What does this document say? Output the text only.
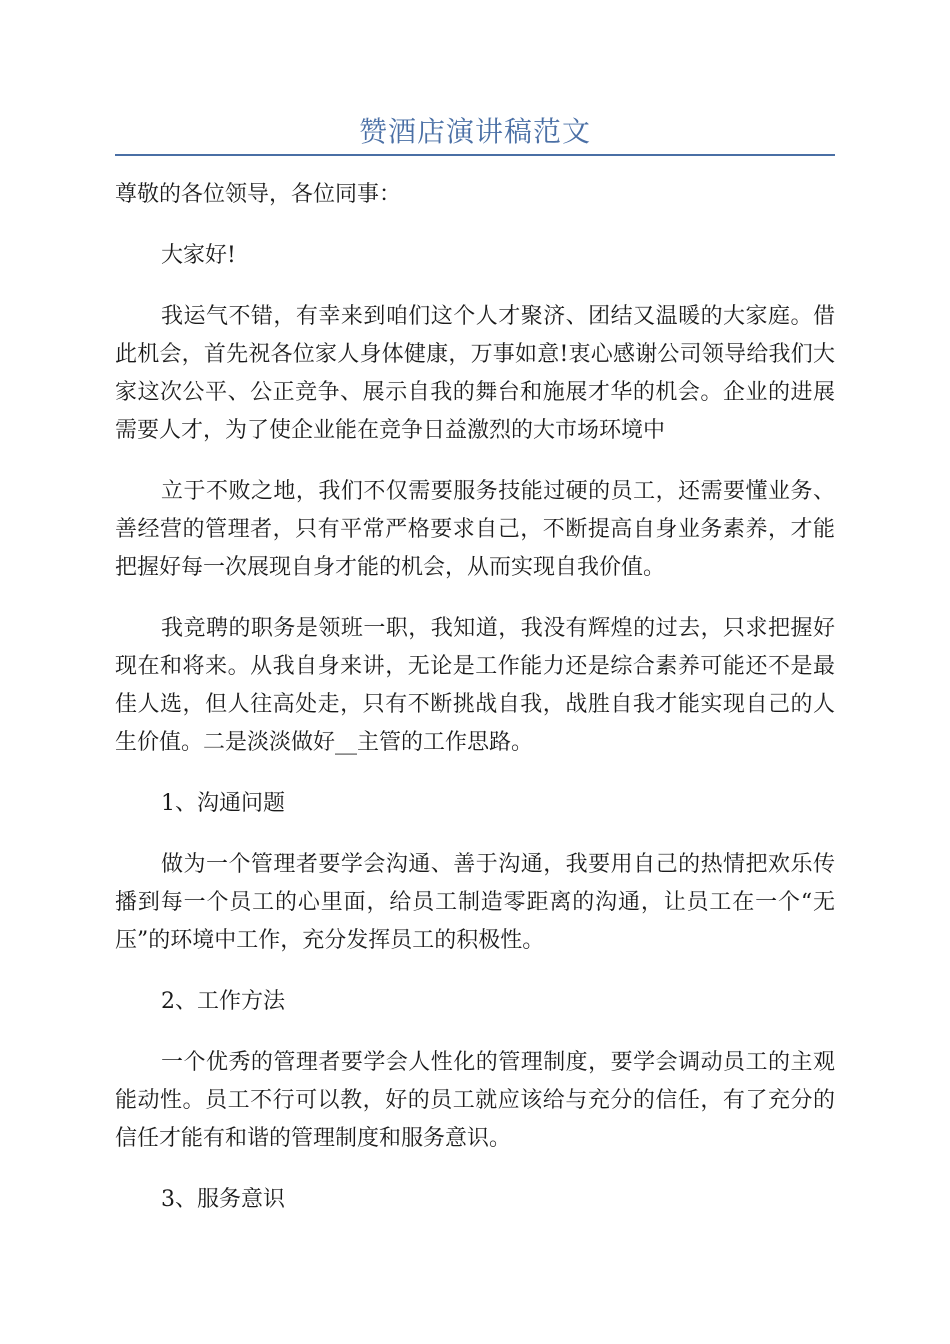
赞酒店演讲稿范文

尊敬的各位领导，各位同事：

大家好!

我运气不错，有幸来到咱们这个人才聚济、团结又温暖的大家庭。借此机会，首先祝各位家人身体健康，万事如意!衷心感谢公司领导给我们大家这次公平、公正竞争、展示自我的舞台和施展才华的机会。企业的进展需要人才，为了使企业能在竞争日益激烈的大市场环境中

立于不败之地，我们不仅需要服务技能过硬的员工，还需要懂业务、善经营的管理者，只有平常严格要求自己，不断提高自身业务素养，才能把握好每一次展现自身才能的机会，从而实现自我价值。

我竞聘的职务是领班一职，我知道，我没有辉煌的过去，只求把握好现在和将来。从我自身来讲，无论是工作能力还是综合素养可能还不是最佳人选，但人往高处走，只有不断挑战自我，战胜自我才能实现自己的人生价值。二是淡淡做好__主管的工作思路。

1、沟通问题

做为一个管理者要学会沟通、善于沟通，我要用自己的热情把欢乐传播到每一个员工的心里面，给员工制造零距离的沟通，让员工在一个“无压”的环境中工作，充分发挥员工的积极性。

2、工作方法

一个优秀的管理者要学会人性化的管理制度，要学会调动员工的主观能动性。员工不行可以教，好的员工就应该给与充分的信任，有了充分的信任才能有和谐的管理制度和服务意识。

3、服务意识
